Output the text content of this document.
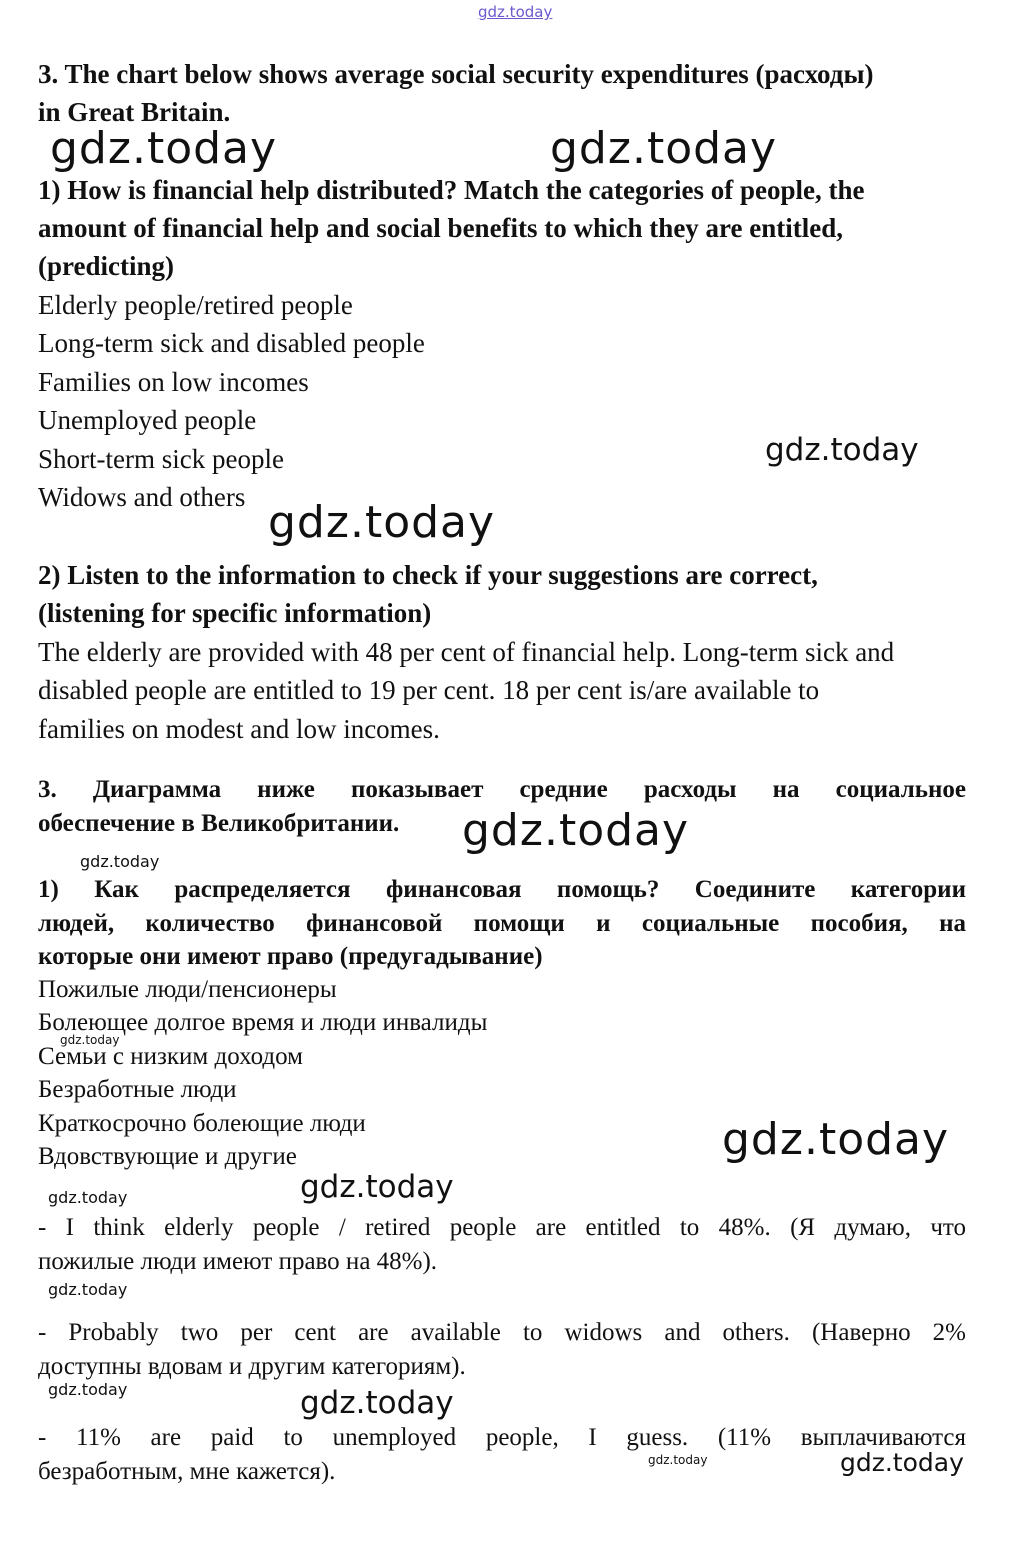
gdz.today
gdz.today	gdz.today
gdz.today
gdz.today
gdz.today
gdz.today
gdz.today
gdz.today
gdz.today	gdz.today
gdz.today
gdz.today	gdz.today
gdz.today	gdz.today
3. The chart below shows average social security expenditures (расходы)
in Great Britain.
1) How is financial help distributed? Match the categories of people, the
amount of financial help and social benefits to which they are entitled,
(predicting)
Elderly people/retired people
Long-term sick and disabled people
Families on low incomes
Unemployed people
Short-term sick people
Widows and others
2) Listen to the information to check if your suggestions are correct,
(listening for specific information)
The elderly are provided with 48 per cent of financial help. Long-term sick and
disabled people are entitled to 19 per cent. 18 per cent is/are available to
families on modest and low incomes.
3. Диаграмма ниже показывает средние расходы на социальное
обеспечение в Великобритании.
1) Как распределяется финансовая помощь? Соедините категории
людей, количество финансовой помощи и социальные пособия, на
которые они имеют право (предугадывание)
Пожилые люди/пенсионеры
Болеющее долгое время и люди инвалиды
Семьи с низким доходом
Безработные люди
Краткосрочно болеющие люди
Вдовствующие и другие
- I think elderly people / retired people are entitled to 48%. (Я думаю, что
пожилые люди имеют право на 48%).
- Probably two per cent are available to widows and others. (Наверно 2%
доступны вдовам и другим категориям).
- 11% are paid to unemployed people, I guess. (11% выплачиваются
безработным, мне кажется).
